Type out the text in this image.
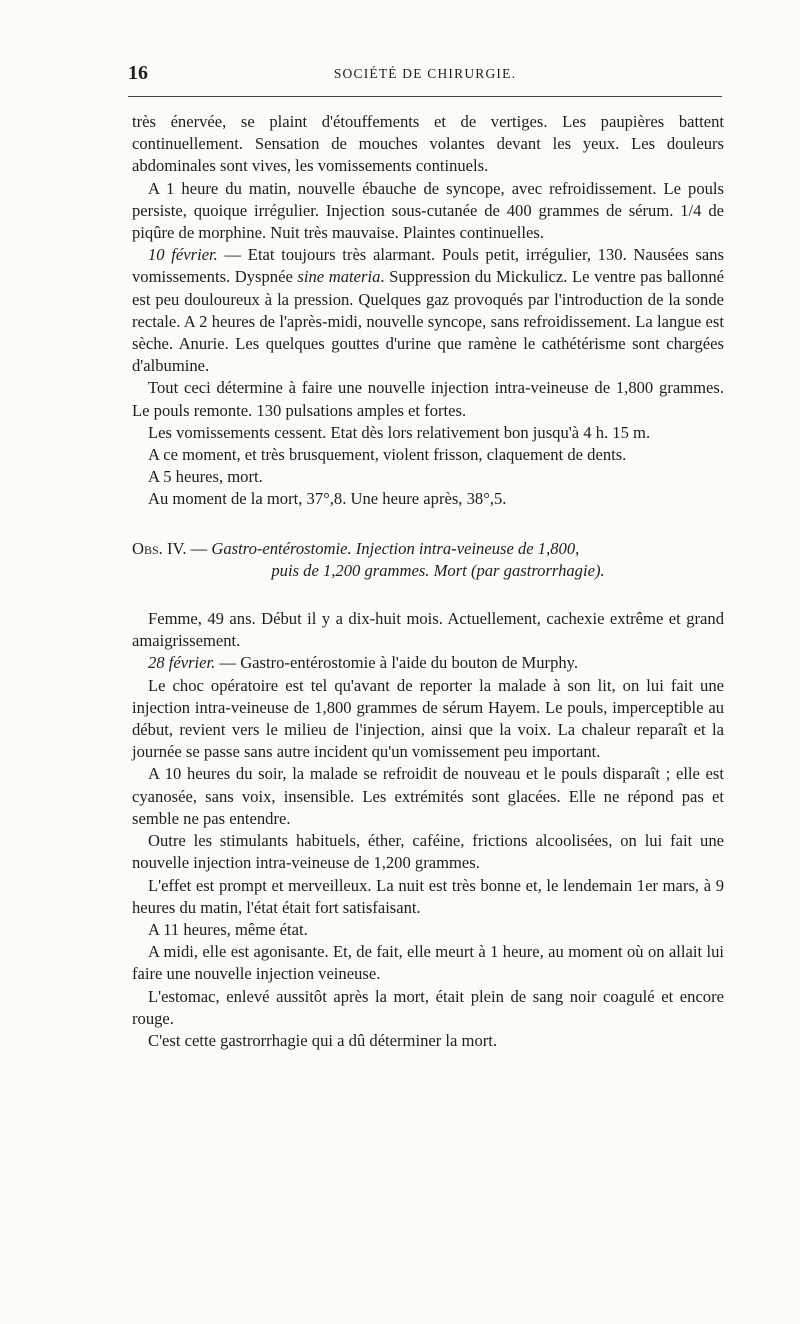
16	SOCIÉTÉ DE CHIRURGIE.

très énervée, se plaint d'étouffements et de vertiges. Les paupières battent continuellement. Sensation de mouches volantes devant les yeux. Les douleurs abdominales sont vives, les vomissements continuels.

A 1 heure du matin, nouvelle ébauche de syncope, avec refroidissement. Le pouls persiste, quoique irrégulier. Injection sous-cutanée de 400 grammes de sérum. 1/4 de piqûre de morphine. Nuit très mauvaise. Plaintes continuelles.

10 février. — Etat toujours très alarmant. Pouls petit, irrégulier, 130. Nausées sans vomissements. Dyspnée sine materia. Suppression du Mickulicz. Le ventre pas ballonné est peu douloureux à la pression. Quelques gaz provoqués par l'introduction de la sonde rectale. A 2 heures de l'après-midi, nouvelle syncope, sans refroidissement. La langue est sèche. Anurie. Les quelques gouttes d'urine que ramène le cathétérisme sont chargées d'albumine.

Tout ceci détermine à faire une nouvelle injection intra-veineuse de 1,800 grammes. Le pouls remonte. 130 pulsations amples et fortes.

Les vomissements cessent. Etat dès lors relativement bon jusqu'à 4 h. 15 m.

A ce moment, et très brusquement, violent frisson, claquement de dents.

A 5 heures, mort.

Au moment de la mort, 37°,8. Une heure après, 38°,5.

Obs. IV. — Gastro-entérostomie. Injection intra-veineuse de 1,800,
puis de 1,200 grammes. Mort (par gastrorrhagie).

Femme, 49 ans. Début il y a dix-huit mois. Actuellement, cachexie extrême et grand amaigrissement.

28 février. — Gastro-entérostomie à l'aide du bouton de Murphy.

Le choc opératoire est tel qu'avant de reporter la malade à son lit, on lui fait une injection intra-veineuse de 1,800 grammes de sérum Hayem. Le pouls, imperceptible au début, revient vers le milieu de l'injection, ainsi que la voix. La chaleur reparaît et la journée se passe sans autre incident qu'un vomissement peu important.

A 10 heures du soir, la malade se refroidit de nouveau et le pouls disparaît ; elle est cyanosée, sans voix, insensible. Les extrémités sont glacées. Elle ne répond pas et semble ne pas entendre.

Outre les stimulants habituels, éther, caféine, frictions alcoolisées, on lui fait une nouvelle injection intra-veineuse de 1,200 grammes.

L'effet est prompt et merveilleux. La nuit est très bonne et, le lendemain 1er mars, à 9 heures du matin, l'état était fort satisfaisant.

A 11 heures, même état.

A midi, elle est agonisante. Et, de fait, elle meurt à 1 heure, au moment où on allait lui faire une nouvelle injection veineuse.

L'estomac, enlevé aussitôt après la mort, était plein de sang noir coagulé et encore rouge.

C'est cette gastrorrhagie qui a dû déterminer la mort.
